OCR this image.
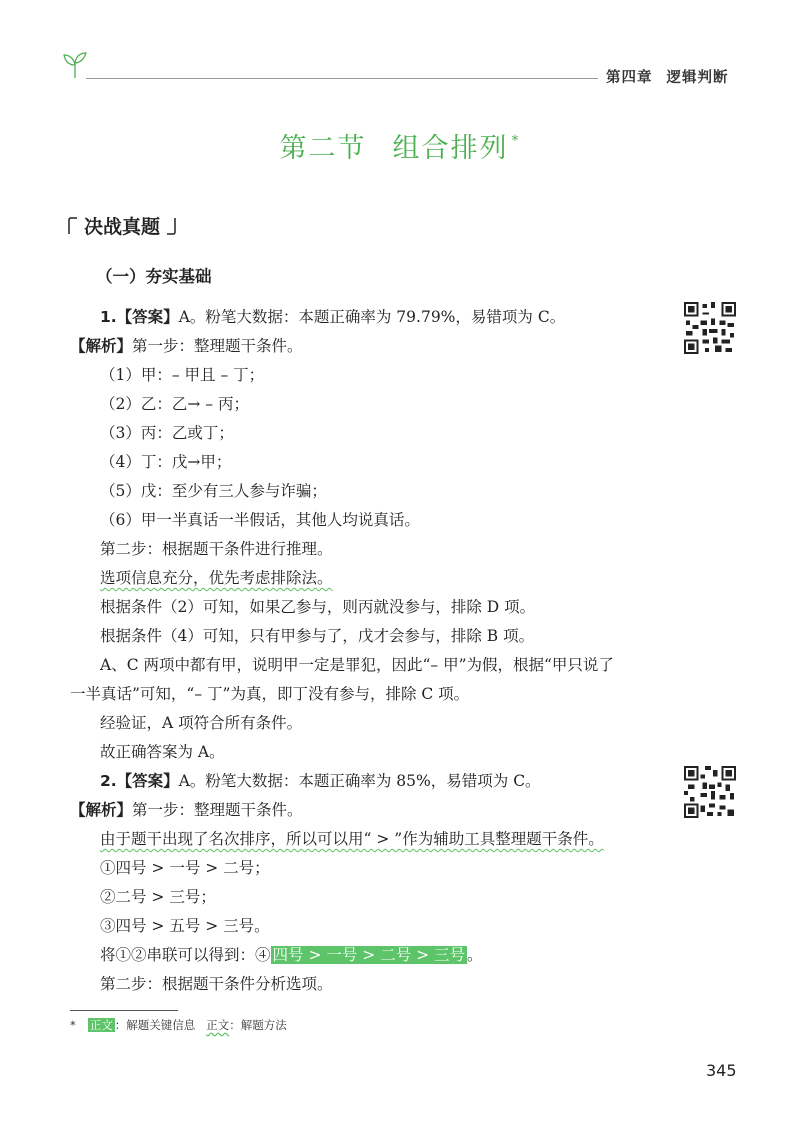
第四章 逻辑判断
第二节 组合排列 *
决战真题
（一）夯实基础
1.【答案】A。粉笔大数据：本题正确率为 79.79%，易错项为 C。
【解析】第一步：整理题干条件。
（1）甲：– 甲且 – 丁；
（2）乙：乙→ – 丙；
（3）丙：乙或丁；
（4）丁：戊→甲；
（5）戊：至少有三人参与诈骗；
（6）甲一半真话一半假话，其他人均说真话。
第二步：根据题干条件进行推理。
选项信息充分，优先考虑排除法。
根据条件（2）可知，如果乙参与，则丙就没参与，排除 D 项。
根据条件（4）可知，只有甲参与了，戊才会参与，排除 B 项。
A、C 两项中都有甲，说明甲一定是罪犯，因此“– 甲”为假，根据“甲只说了
一半真话”可知，“– 丁”为真，即丁没有参与，排除 C 项。
经验证，A 项符合所有条件。
故正确答案为 A。
2.【答案】A。粉笔大数据：本题正确率为 85%，易错项为 C。
【解析】第一步：整理题干条件。
由于题干出现了名次排序，所以可以用“ > ”作为辅助工具整理题干条件。
①四号 > 一号 > 二号；
②二号 > 三号；
③四号 > 五号 > 三号。
将①②串联可以得到：④ 四号 > 一号 > 二号 > 三号 。
第二步：根据题干条件分析选项。
* 正文 ：解题关键信息 正文：解题方法
345
